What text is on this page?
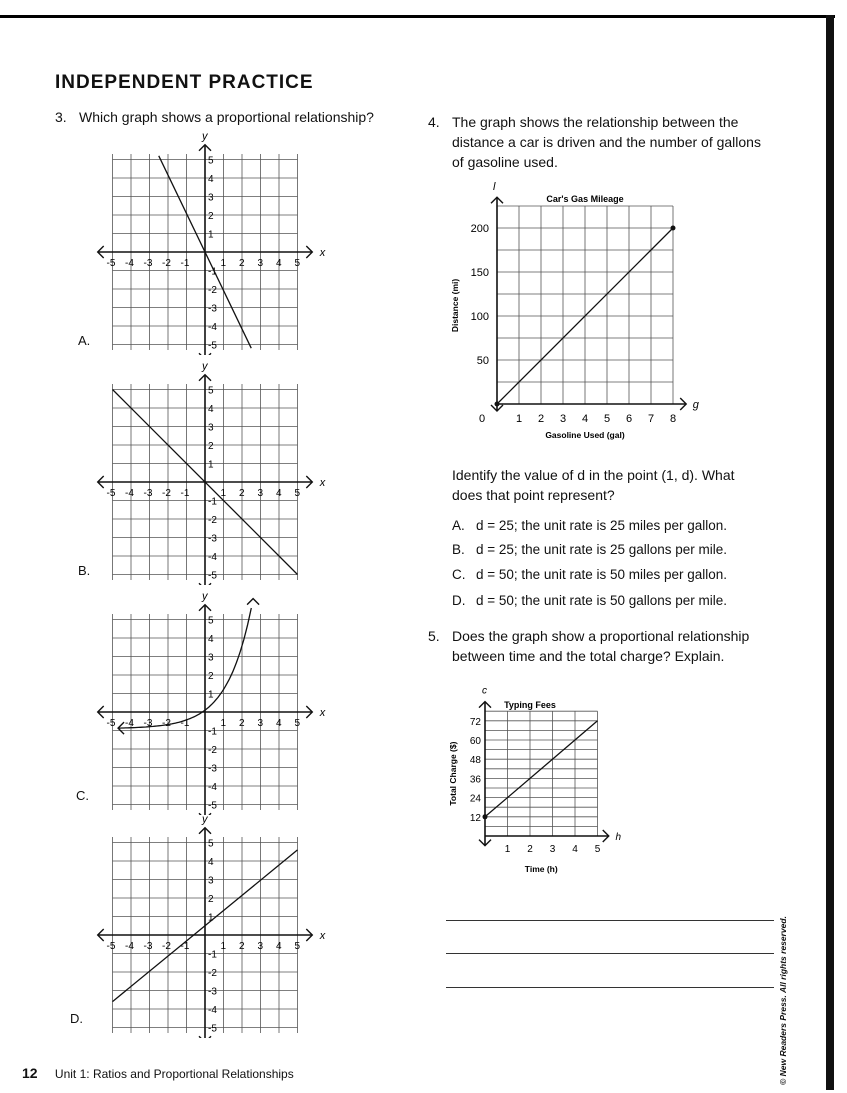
INDEPENDENT PRACTICE
3. Which graph shows a proportional relationship?
A.
B.
C.
D.
x
y
-5 -4 -3 -2 -1	1 2 3 4 5
5
4
3
2
1
-1
-2
-3
-4
-5
x
y
-5 -4 -3 -2 -1	1 2 3 4 5
5
4
3
2
1
-1
-2
-3
-4
-5
x
y
-5 -4 -3 -2 -1	1 2 3 4 5
5
4
3
2
1
-1
-2
-3
-4
-5
x
y
-5 -4 -3 -2 -1	1 2 3 4 5
5
4
3
2
1
-1
-2
-3
-4
-5
4. The graph shows the relationship between the
distance a car is driven and the number of gallons
of gasoline used.
g
l
Car's Gas Mileage
Gasoline Used (gal)
Distance (mi)
0	1 2 3 4 5 6 7 8
50
100
150
200
Identify the value of d in the point (1, d). What
does that point represent?
A. d = 25; the unit rate is 25 miles per gallon.
B. d = 25; the unit rate is 25 gallons per mile.
C. d = 50; the unit rate is 50 miles per gallon.
D. d = 50; the unit rate is 50 gallons per mile.
5. Does the graph show a proportional relationship
between time and the total charge? Explain.
h
c
Typing Fees
Time (h)
Total Charge ($)
1 2 3 4 5
12
24
36
48
60
72
12 Unit 1: Ratios and Proportional Relationships	© New Readers Press. All rights reserved.
